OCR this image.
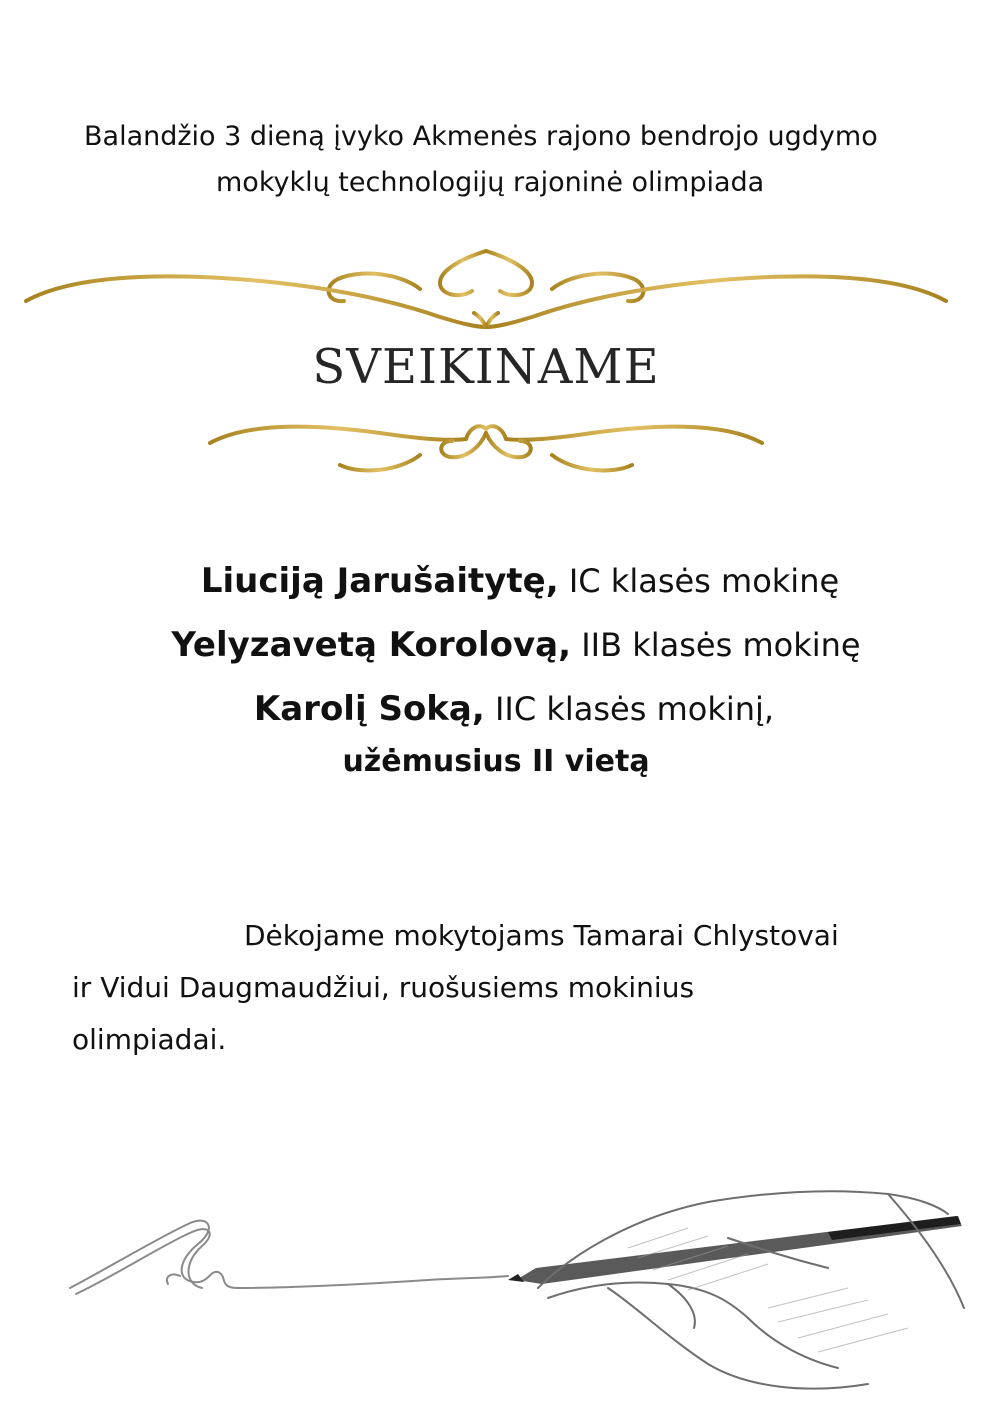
Balandžio 3 dieną įvyko Akmenės rajono bendrojo ugdymo
mokyklų technologijų rajoninė olimpiada
SVEIKINAME
Liuciją Jarušaitytę, IC klasės mokinę
Yelyzavetą Korolovą, IIB klasės mokinę
Karolį Soką, IIC klasės mokinį,
užėmusius II vietą
Dėkojame mokytojams Tamarai Chlystovai
ir Vidui Daugmaudžiui, ruošusiems mokinius
olimpiadai.
